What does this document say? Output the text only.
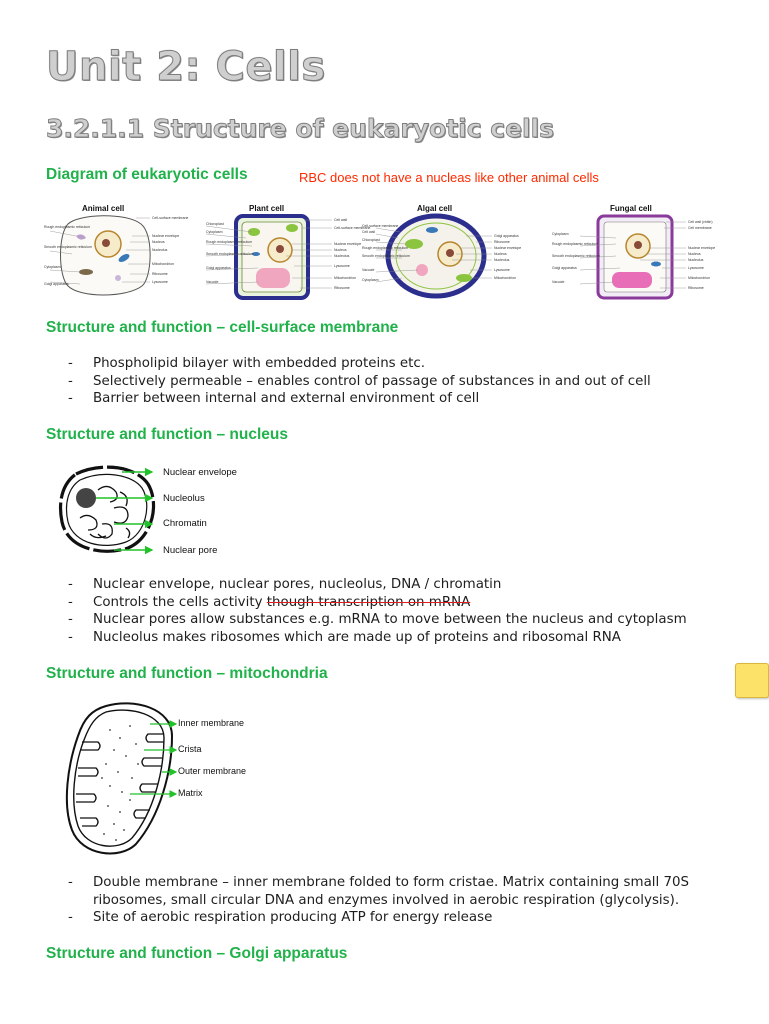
Unit 2: Cells
3.2.1.1 Structure of eukaryotic cells
Diagram of eukaryotic cells	RBC does not have a nucleas like other animal cells
Animal cell
Cell-surface membrane
Nuclear envelope
Nucleus
Nucleolus
Mitochondrion
Ribosome
Lysosome
Rough endoplasmic reticulum
Smooth endoplasmic reticulum
Cytoplasm
Golgi apparatus
Plant cell
Cell wall
Cell-surface membrane
Nuclear envelope
Nucleus
Nucleolus
Lysosome
Mitochondrion
Ribosome
Chloroplast
Cytoplasm
Rough endoplasmic reticulum
Smooth endoplasmic reticulum
Golgi apparatus
Vacuole
Algal cell
Cell-surface membrane
Cell wall
Chloroplast
Rough endoplasmic reticulum
Smooth endoplasmic reticulum
Vacuole
Cytoplasm
Golgi apparatus
Ribosome
Nuclear envelope
Nucleus
Nucleolus
Lysosome
Mitochondrion
Fungal cell
Cell wall (chitin)
Cell membrane
Nuclear envelope
Nucleus
Nucleolus
Lysosome
Mitochondrion
Ribosome
Cytoplasm
Rough endoplasmic reticulum
Smooth endoplasmic reticulum
Golgi apparatus
Vacuole
Structure and function – cell-surface membrane
- Phospholipid bilayer with embedded proteins etc.
- Selectively permeable – enables control of passage of substances in and out of cell
- Barrier between internal and external environment of cell
Structure and function – nucleus
Nuclear envelope
Nucleolus
Chromatin
Nuclear pore
- Nuclear envelope, nuclear pores, nucleolus, DNA / chromatin
- Controls the cells activity though transcription on mRNA
- Nuclear pores allow substances e.g. mRNA to move between the nucleus and cytoplasm
- Nucleolus makes ribosomes which are made up of proteins and ribosomal RNA
Structure and function – mitochondria
Inner membrane
Crista
Outer membrane
Matrix
- Double membrane – inner membrane folded to form cristae. Matrix containing small 70S ribosomes, small circular DNA and enzymes involved in aerobic respiration (glycolysis).
- Site of aerobic respiration producing ATP for energy release
Structure and function – Golgi apparatus
